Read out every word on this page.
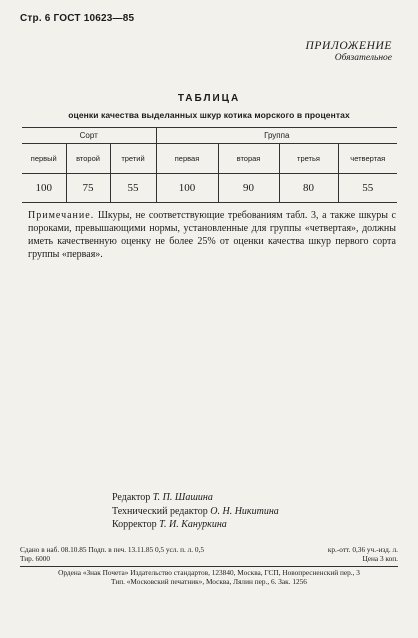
Стр. 6 ГОСТ 10623—85
ПРИЛОЖЕНИЕ
Обязательное
ТАБЛИЦА
оценки качества выделанных шкур котика морского в процентах
Сорт			Группа			
первый	второй	третий	первая	вторая	третья	четвертая
100	75	55	100	90	80	55
Примечание. Шкуры, не соответствующие требованиям табл. 3, а также шкуры с пороками, превышающими нормы, установленные для группы «четвертая», должны иметь качественную оценку не более 25% от оценки качества шкур первого сорта группы «первая».
Редактор Т. П. Шашина
Технический редактор О. Н. Никитина
Корректор Т. И. Кануркина
Сдано в наб. 08.10.85 Подп. в печ. 13.11.85 0,5 усл. п. л. 0,5	кр.-отт. 0,36 уч.-изд. л.
Тир. 6000	Цена 3 коп.
Ордена «Знак Почета» Издательство стандартов, 123840, Москва, ГСП, Новопресненский пер., 3
Тип. «Московский печатник», Москва, Лялин пер., 6. Зак. 1256
